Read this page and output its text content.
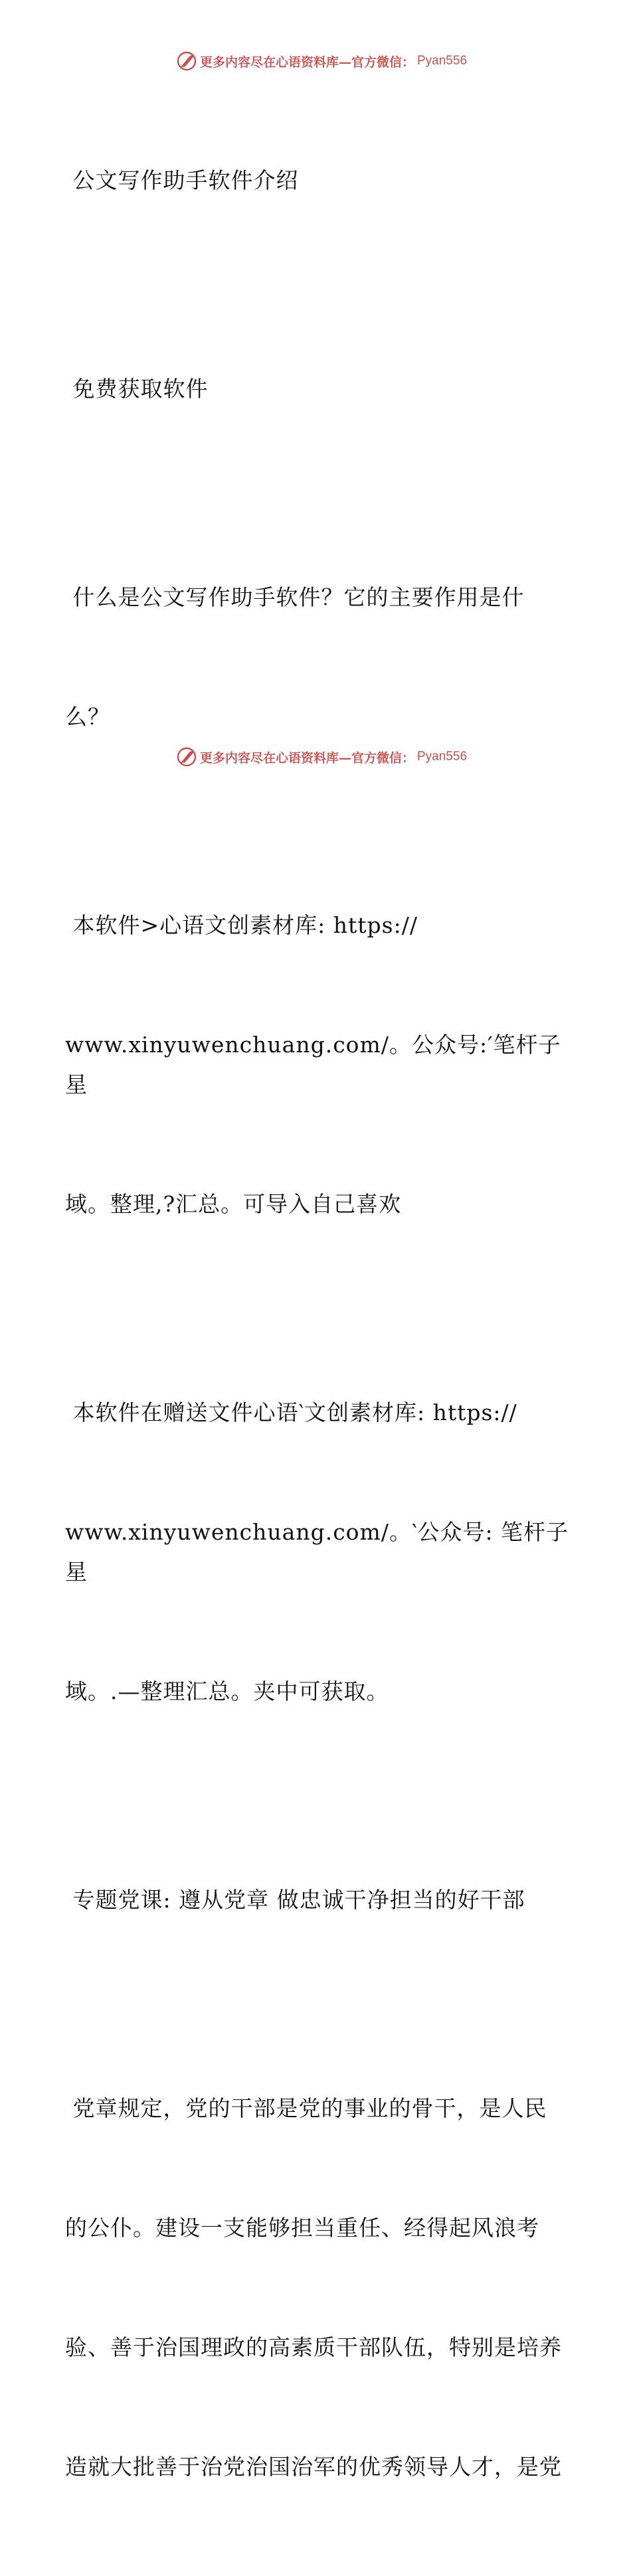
更多内容尽在心语资料库—官方微信： Pyan556

公文写作助手软件介绍

免费获取软件

什么是公文写作助手软件？它的主要作用是什

么？

本软件>心语文创素材库: https://

www.xinyuwenchuang.com/。公众号:′笔杆子星

域。整理,?汇总。可导入自己喜欢

本软件在赠送文件心语‵文创素材库: https://

www.xinyuwenchuang.com/。‵公众号: 笔杆子星

域。.—整理汇总。夹中可获取。

专题党课: 遵从党章 做忠诚干净担当的好干部

党章规定，党的干部是党的事业的骨干，是人民

的公仆。建设一支能够担当重任、经得起风浪考

验、善于治国理政的高素质干部队伍，特别是培养

造就大批善于治党治国治军的优秀领导人才，是党

更多内容尽在心语资料库—官方微信： Pyan556
